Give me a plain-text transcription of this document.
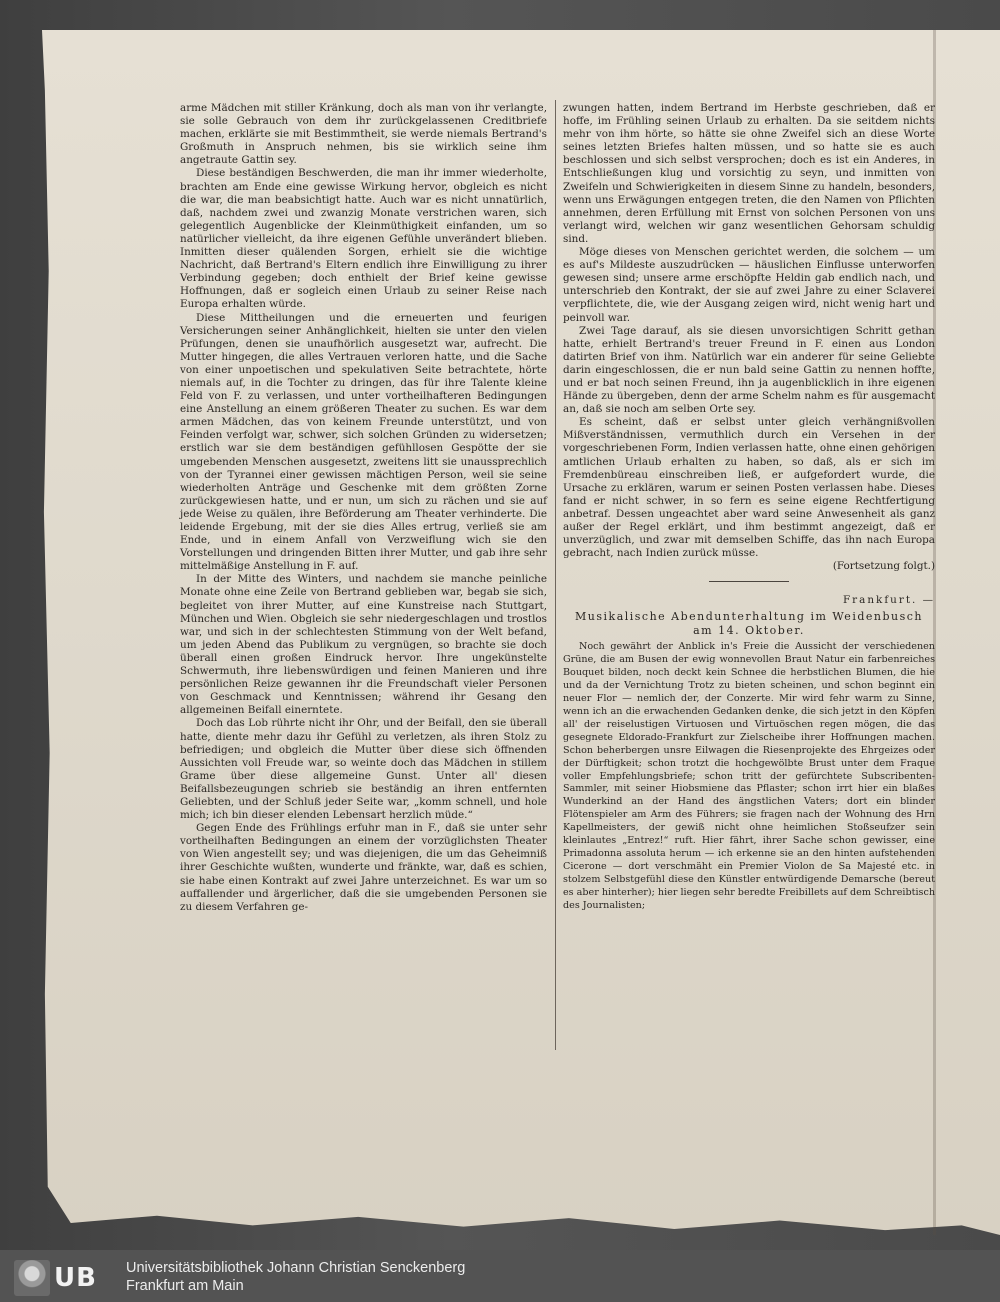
arme Mädchen mit stiller Kränkung, doch als man von ihr verlangte, sie solle Gebrauch von dem ihr zurückgelassenen Creditbriefe machen, erklärte sie mit Bestimmtheit, sie werde niemals Bertrand's Großmuth in Anspruch nehmen, bis sie wirklich seine ihm angetraute Gattin sey.

Diese beständigen Beschwerden, die man ihr immer wiederholte, brachten am Ende eine gewisse Wirkung hervor, obgleich es nicht die war, die man beabsichtigt hatte. Auch war es nicht unnatürlich, daß, nachdem zwei und zwanzig Monate verstrichen waren, sich gelegentlich Augenblicke der Kleinmüthigkeit einfanden, um so natürlicher vielleicht, da ihre eigenen Gefühle unverändert blieben. Inmitten dieser quälenden Sorgen, erhielt sie die wichtige Nachricht, daß Bertrand's Eltern endlich ihre Einwilligung zu ihrer Verbindung gegeben; doch enthielt der Brief keine gewisse Hoffnungen, daß er sogleich einen Urlaub zu seiner Reise nach Europa erhalten würde.

Diese Mittheilungen und die erneuerten und feurigen Versicherungen seiner Anhänglichkeit, hielten sie unter den vielen Prüfungen, denen sie unaufhörlich ausgesetzt war, aufrecht. Die Mutter hingegen, die alles Vertrauen verloren hatte, und die Sache von einer unpoetischen und spekulativen Seite betrachtete, hörte niemals auf, in die Tochter zu dringen, das für ihre Talente kleine Feld von F. zu verlassen, und unter vortheilhafteren Bedingungen eine Anstellung an einem größeren Theater zu suchen. Es war dem armen Mädchen, das von keinem Freunde unterstützt, und von Feinden verfolgt war, schwer, sich solchen Gründen zu widersetzen; erstlich war sie dem beständigen gefühllosen Gespötte der sie umgebenden Menschen ausgesetzt, zweitens litt sie unaussprechlich von der Tyrannei einer gewissen mächtigen Person, weil sie seine wiederholten Anträge und Geschenke mit dem größten Zorne zurückgewiesen hatte, und er nun, um sich zu rächen und sie auf jede Weise zu quälen, ihre Beförderung am Theater verhinderte. Die leidende Ergebung, mit der sie dies Alles ertrug, verließ sie am Ende, und in einem Anfall von Verzweiflung wich sie den Vorstellungen und dringenden Bitten ihrer Mutter, und gab ihre sehr mittelmäßige Anstellung in F. auf.

In der Mitte des Winters, und nachdem sie manche peinliche Monate ohne eine Zeile von Bertrand geblieben war, begab sie sich, begleitet von ihrer Mutter, auf eine Kunstreise nach Stuttgart, München und Wien. Obgleich sie sehr niedergeschlagen und trostlos war, und sich in der schlechtesten Stimmung von der Welt befand, um jeden Abend das Publikum zu vergnügen, so brachte sie doch überall einen großen Eindruck hervor. Ihre ungekünstelte Schwermuth, ihre liebenswürdigen und feinen Manieren und ihre persönlichen Reize gewannen ihr die Freundschaft vieler Personen von Geschmack und Kenntnissen; während ihr Gesang den allgemeinen Beifall einerntete.

Doch das Lob rührte nicht ihr Ohr, und der Beifall, den sie überall hatte, diente mehr dazu ihr Gefühl zu verletzen, als ihren Stolz zu befriedigen; und obgleich die Mutter über diese sich öffnenden Aussichten voll Freude war, so weinte doch das Mädchen in stillem Grame über diese allgemeine Gunst. Unter all' diesen Beifallsbezeugungen schrieb sie beständig an ihren entfernten Geliebten, und der Schluß jeder Seite war, „komm schnell, und hole mich; ich bin dieser elenden Lebensart herzlich müde.“

Gegen Ende des Frühlings erfuhr man in F., daß sie unter sehr vortheilhaften Bedingungen an einem der vorzüglichsten Theater von Wien angestellt sey; und was diejenigen, die um das Geheimniß ihrer Geschichte wußten, wunderte und fränkte, war, daß es schien, sie habe einen Kontrakt auf zwei Jahre unterzeichnet. Es war um so auffallender und ärgerlicher, daß die sie umgebenden Personen sie zu diesem Verfahren ge-

zwungen hatten, indem Bertrand im Herbste geschrieben, daß er hoffe, im Frühling seinen Urlaub zu erhalten. Da sie seitdem nichts mehr von ihm hörte, so hätte sie ohne Zweifel sich an diese Worte seines letzten Briefes halten müssen, und so hatte sie es auch beschlossen und sich selbst versprochen; doch es ist ein Anderes, in Entschließungen klug und vorsichtig zu seyn, und inmitten von Zweifeln und Schwierigkeiten in diesem Sinne zu handeln, besonders, wenn uns Erwägungen entgegen treten, die den Namen von Pflichten annehmen, deren Erfüllung mit Ernst von solchen Personen von uns verlangt wird, welchen wir ganz wesentlichen Gehorsam schuldig sind.

Möge dieses von Menschen gerichtet werden, die solchem — um es auf's Mildeste auszudrücken — häuslichen Einflusse unterworfen gewesen sind; unsere arme erschöpfte Heldin gab endlich nach, und unterschrieb den Kontrakt, der sie auf zwei Jahre zu einer Sclaverei verpflichtete, die, wie der Ausgang zeigen wird, nicht wenig hart und peinvoll war.

Zwei Tage darauf, als sie diesen unvorsichtigen Schritt gethan hatte, erhielt Bertrand's treuer Freund in F. einen aus London datirten Brief von ihm. Natürlich war ein anderer für seine Geliebte darin eingeschlossen, die er nun bald seine Gattin zu nennen hoffte, und er bat noch seinen Freund, ihn ja augenblicklich in ihre eigenen Hände zu übergeben, denn der arme Schelm nahm es für ausgemacht an, daß sie noch am selben Orte sey.

Es scheint, daß er selbst unter gleich verhängnißvollen Mißverständnissen, vermuthlich durch ein Versehen in der vorgeschriebenen Form, Indien verlassen hatte, ohne einen gehörigen amtlichen Urlaub erhalten zu haben, so daß, als er sich im Fremdenbüreau einschreiben ließ, er aufgefordert wurde, die Ursache zu erklären, warum er seinen Posten verlassen habe. Dieses fand er nicht schwer, in so fern es seine eigene Rechtfertigung anbetraf. Dessen ungeachtet aber ward seine Anwesenheit als ganz außer der Regel erklärt, und ihm bestimmt angezeigt, daß er unverzüglich, und zwar mit demselben Schiffe, das ihn nach Europa gebracht, nach Indien zurück müsse.

(Fortsetzung folgt.)
Frankfurt. —
Musikalische Abendunterhaltung im Weidenbusch am 14. Oktober.

Noch gewährt der Anblick in's Freie die Aussicht der verschiedenen Grüne, die am Busen der ewig wonnevollen Braut Natur ein farbenreiches Bouquet bilden, noch deckt kein Schnee die herbstlichen Blumen, die hie und da der Vernichtung Trotz zu bieten scheinen, und schon beginnt ein neuer Flor — nemlich der, der Conzerte. Mir wird fehr warm zu Sinne, wenn ich an die erwachenden Gedanken denke, die sich jetzt in den Köpfen all' der reiselustigen Virtuosen und Virtuöschen regen mögen, die das gesegnete Eldorado-Frankfurt zur Zielscheibe ihrer Hoffnungen machen. Schon beherbergen unsre Eilwagen die Riesenprojekte des Ehrgeizes oder der Dürftigkeit; schon trotzt die hochgewölbte Brust unter dem Fraque voller Empfehlungsbriefe; schon tritt der gefürchtete Subscribenten-Sammler, mit seiner Hiobsmiene das Pflaster; schon irrt hier ein blaßes Wunderkind an der Hand des ängstlichen Vaters; dort ein blinder Flötenspieler am Arm des Führers; sie fragen nach der Wohnung des Hrn Kapellmeisters, der gewiß nicht ohne heimlichen Stoßseufzer sein kleinlautes „Entrez!“ ruft. Hier fährt, ihrer Sache schon gewisser, eine Primadonna assoluta herum — ich erkenne sie an den hinten aufstehenden Cicerone — dort verschmäht ein Premier Violon de Sa Majesté etc. in stolzem Selbstgefühl diese den Künstler entwürdigende Demarsche (bereut es aber hinterher); hier liegen sehr beredte Freibillets auf dem Schreibtisch des Journalisten;

UB Universitätsbibliothek Johann Christian Senckenberg
Frankfurt am Main
